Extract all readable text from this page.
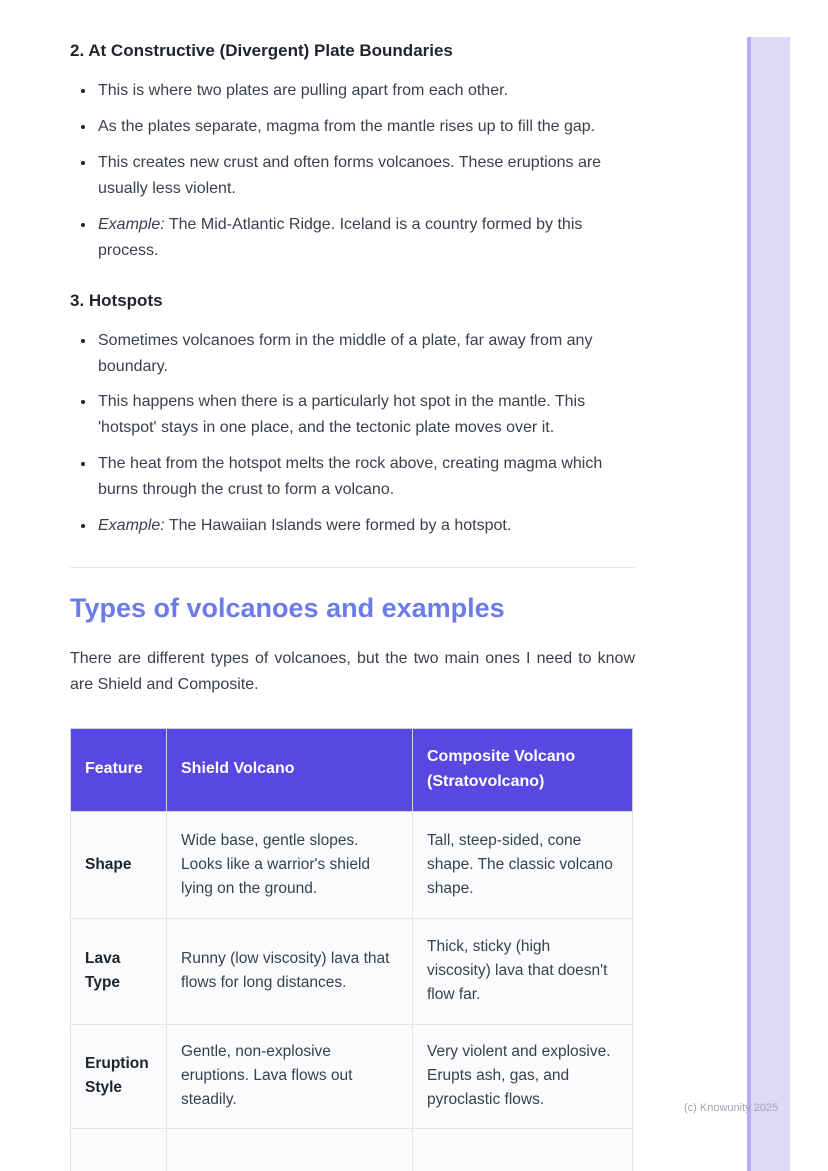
2. At Constructive (Divergent) Plate Boundaries
• This is where two plates are pulling apart from each other.
• As the plates separate, magma from the mantle rises up to fill the gap.
• This creates new crust and often forms volcanoes. These eruptions are usually less violent.
• Example: The Mid-Atlantic Ridge. Iceland is a country formed by this process.
3. Hotspots
• Sometimes volcanoes form in the middle of a plate, far away from any boundary.
• This happens when there is a particularly hot spot in the mantle. This 'hotspot' stays in one place, and the tectonic plate moves over it.
• The heat from the hotspot melts the rock above, creating magma which burns through the crust to form a volcano.
• Example: The Hawaiian Islands were formed by a hotspot.
Types of volcanoes and examples

There are different types of volcanoes, but the two main ones I need to know are Shield and Composite.

Feature	Shield Volcano	Composite Volcano (Stratovolcano)
Shape	Wide base, gentle slopes. Looks like a warrior's shield lying on the ground.	Tall, steep-sided, cone shape. The classic volcano shape.
Lava Type	Runny (low viscosity) lava that flows for long distances.	Thick, sticky (high viscosity) lava that doesn't flow far.
Eruption Style	Gentle, non-explosive eruptions. Lava flows out steadily.	Very violent and explosive. Erupts ash, gas, and pyroclastic flows.
			(c) Knowunity 2025
